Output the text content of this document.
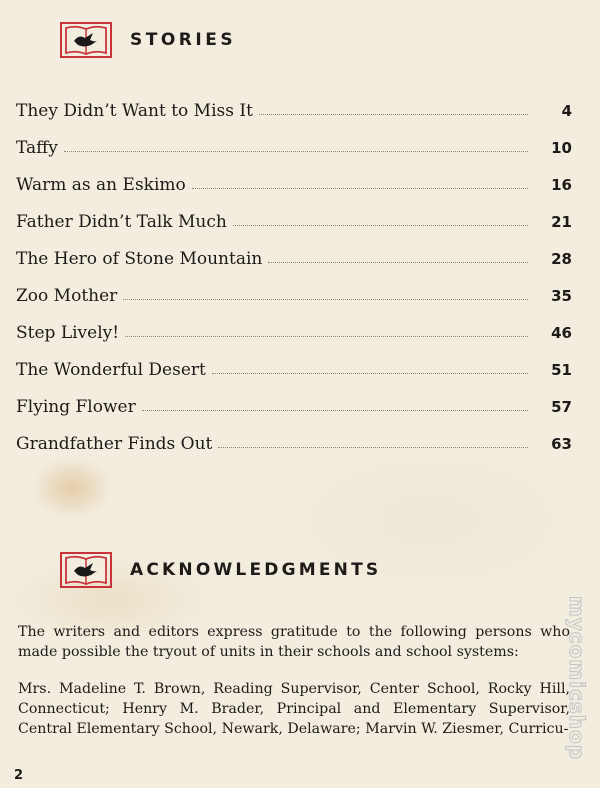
STORIES
They Didn’t Want to Miss It	4
Taffy	10
Warm as an Eskimo	16
Father Didn’t Talk Much	21
The Hero of Stone Mountain	28
Zoo Mother	35
Step Lively!	46
The Wonderful Desert	51
Flying Flower	57
Grandfather Finds Out	63
ACKNOWLEDGMENTS

The writers and editors express gratitude to the following persons who made possible the tryout of units in their schools and school systems:

Mrs. Madeline T. Brown, Reading Supervisor, Center School, Rocky Hill, Connecticut; Henry M. Brader, Principal and Elementary Supervisor, Central Elementary School, Newark, Delaware; Marvin W. Ziesmer, Curricu-

2
mycomicshop
